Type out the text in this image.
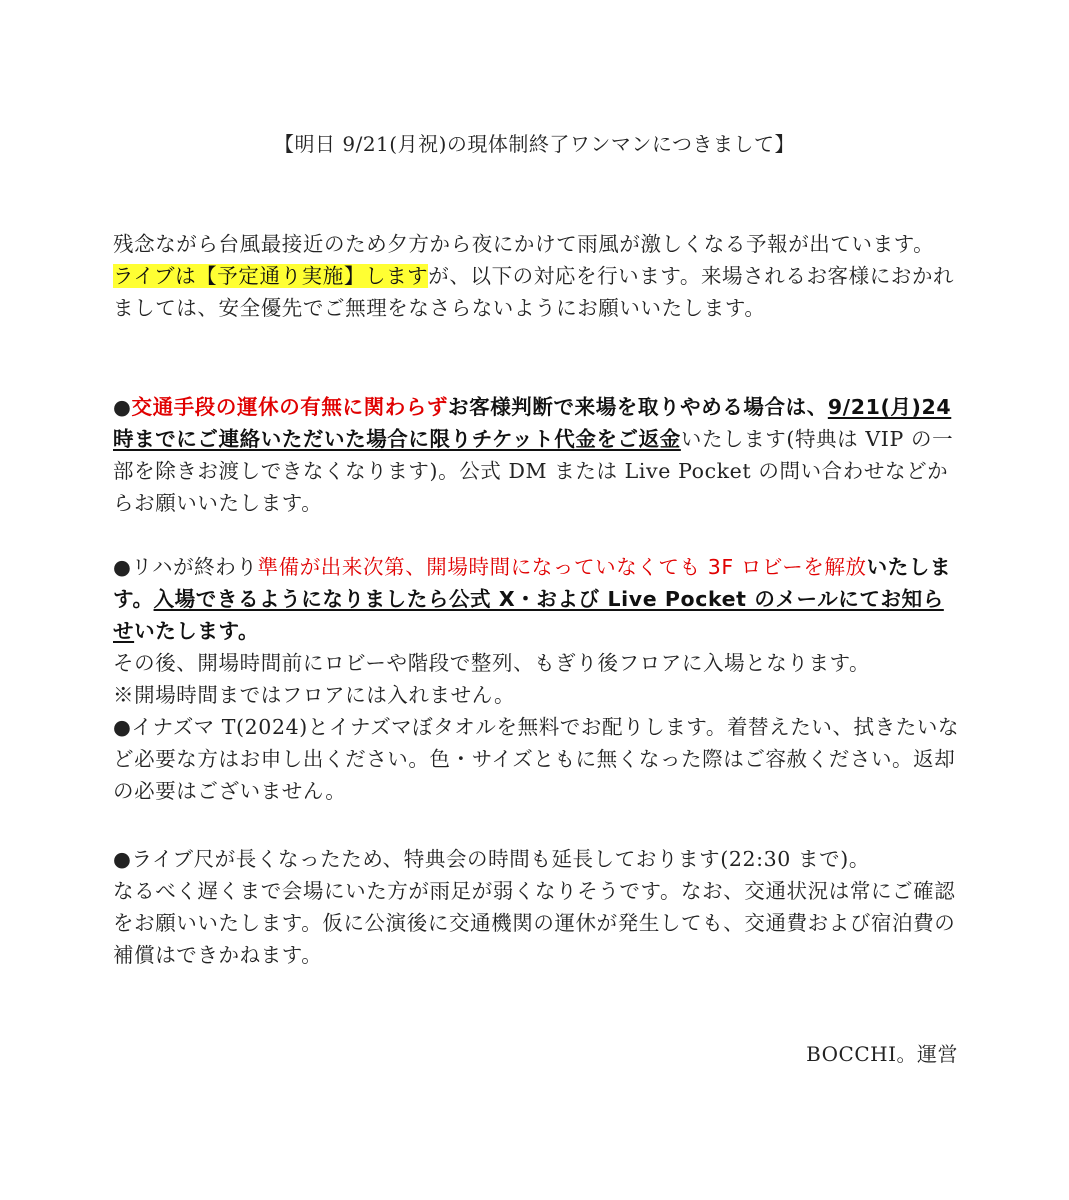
【明日 9/21(月祝)の現体制終了ワンマンにつきまして】

残念ながら台風最接近のため夕方から夜にかけて雨風が激しくなる予報が出ています。

ライブは【予定通り実施】しますが、以下の対応を行います。来場されるお客様におかれましては、安全優先でご無理をなさらないようにお願いいたします。

●交通手段の運休の有無に関わらずお客様判断で来場を取りやめる場合は、9/21(月)24 時までにご連絡いただいた場合に限りチケット代金をご返金いたします(特典は VIP の一部を除きお渡しできなくなります)。公式 DM または Live Pocket の問い合わせなどからお願いいたします。

●リハが終わり準備が出来次第、開場時間になっていなくても 3F ロビーを解放いたします。入場できるようになりましたら公式 X・および Live Pocket のメールにてお知らせいたします。

その後、開場時間前にロビーや階段で整列、もぎり後フロアに入場となります。

※開場時間まではフロアには入れません。

●イナズマ T(2024)とイナズマぼタオルを無料でお配りします。着替えたい、拭きたいなど必要な方はお申し出ください。色・サイズともに無くなった際はご容赦ください。返却の必要はございません。

●ライブ尺が長くなったため、特典会の時間も延長しております(22:30 まで)。

なるべく遅くまで会場にいた方が雨足が弱くなりそうです。なお、交通状況は常にご確認をお願いいたします。仮に公演後に交通機関の運休が発生しても、交通費および宿泊費の補償はできかねます。

BOCCHI。運営
